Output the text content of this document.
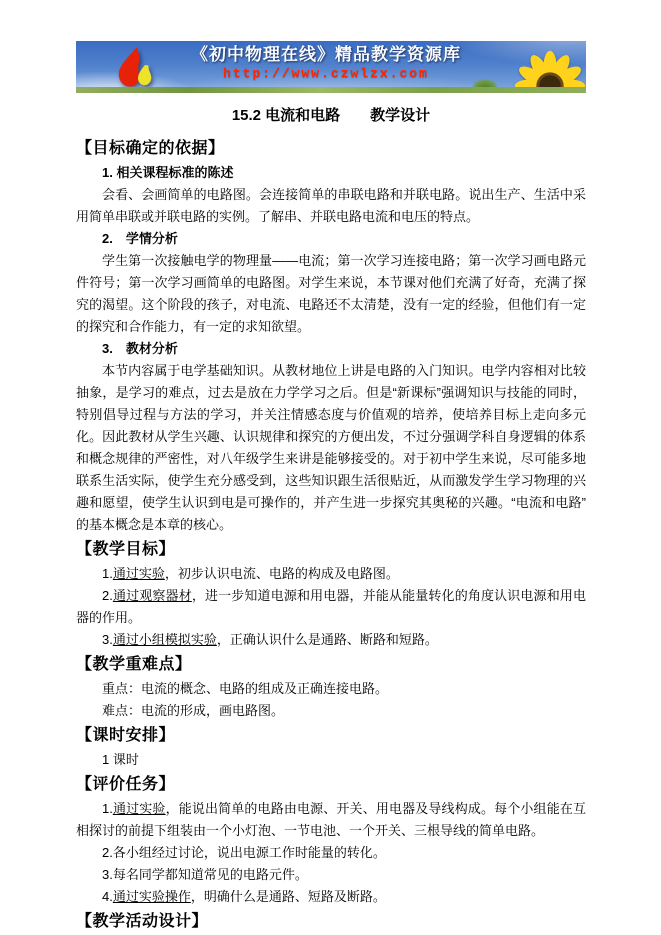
《初中物理在线》精品教学资源库
http://www.czwlzx.com
15.2 电流和电路　　教学设计
【目标确定的依据】
1. 相关课程标准的陈述

会看、会画简单的电路图。会连接简单的串联电路和并联电路。说出生产、生活中采用简单串联或并联电路的实例。了解串、并联电路电流和电压的特点。

2.　学情分析

学生第一次接触电学的物理量——电流；第一次学习连接电路；第一次学习画电路元件符号；第一次学习画简单的电路图。对学生来说，本节课对他们充满了好奇，充满了探究的渴望。这个阶段的孩子，对电流、电路还不太清楚，没有一定的经验，但他们有一定的探究和合作能力，有一定的求知欲望。

3.　教材分析

本节内容属于电学基础知识。从教材地位上讲是电路的入门知识。电学内容相对比较抽象，是学习的难点，过去是放在力学学习之后。但是“新课标”强调知识与技能的同时，特别倡导过程与方法的学习，并关注情感态度与价值观的培养，使培养目标上走向多元化。因此教材从学生兴趣、认识规律和探究的方便出发，不过分强调学科自身逻辑的体系和概念规律的严密性，对八年级学生来讲是能够接受的。对于初中学生来说，尽可能多地联系生活实际，使学生充分感受到，这些知识跟生活很贴近，从而激发学生学习物理的兴趣和愿望，使学生认识到电是可操作的，并产生进一步探究其奥秘的兴趣。“电流和电路”的基本概念是本章的核心。

【教学目标】

1.通过实验，初步认识电流、电路的构成及电路图。

2.通过观察器材，进一步知道电源和用电器，并能从能量转化的角度认识电源和用电器的作用。

3.通过小组模拟实验，正确认识什么是通路、断路和短路。

【教学重难点】

重点：电流的概念、电路的组成及正确连接电路。

难点：电流的形成，画电路图。

【课时安排】

1 课时

【评价任务】

1.通过实验，能说出简单的电路由电源、开关、用电器及导线构成。每个小组能在互相探讨的前提下组装由一个小灯泡、一节电池、一个开关、三根导线的简单电路。

2.各小组经过讨论，说出电源工作时能量的转化。

3.每名同学都知道常见的电路元件。

4.通过实验操作，明确什么是通路、短路及断路。

【教学活动设计】
